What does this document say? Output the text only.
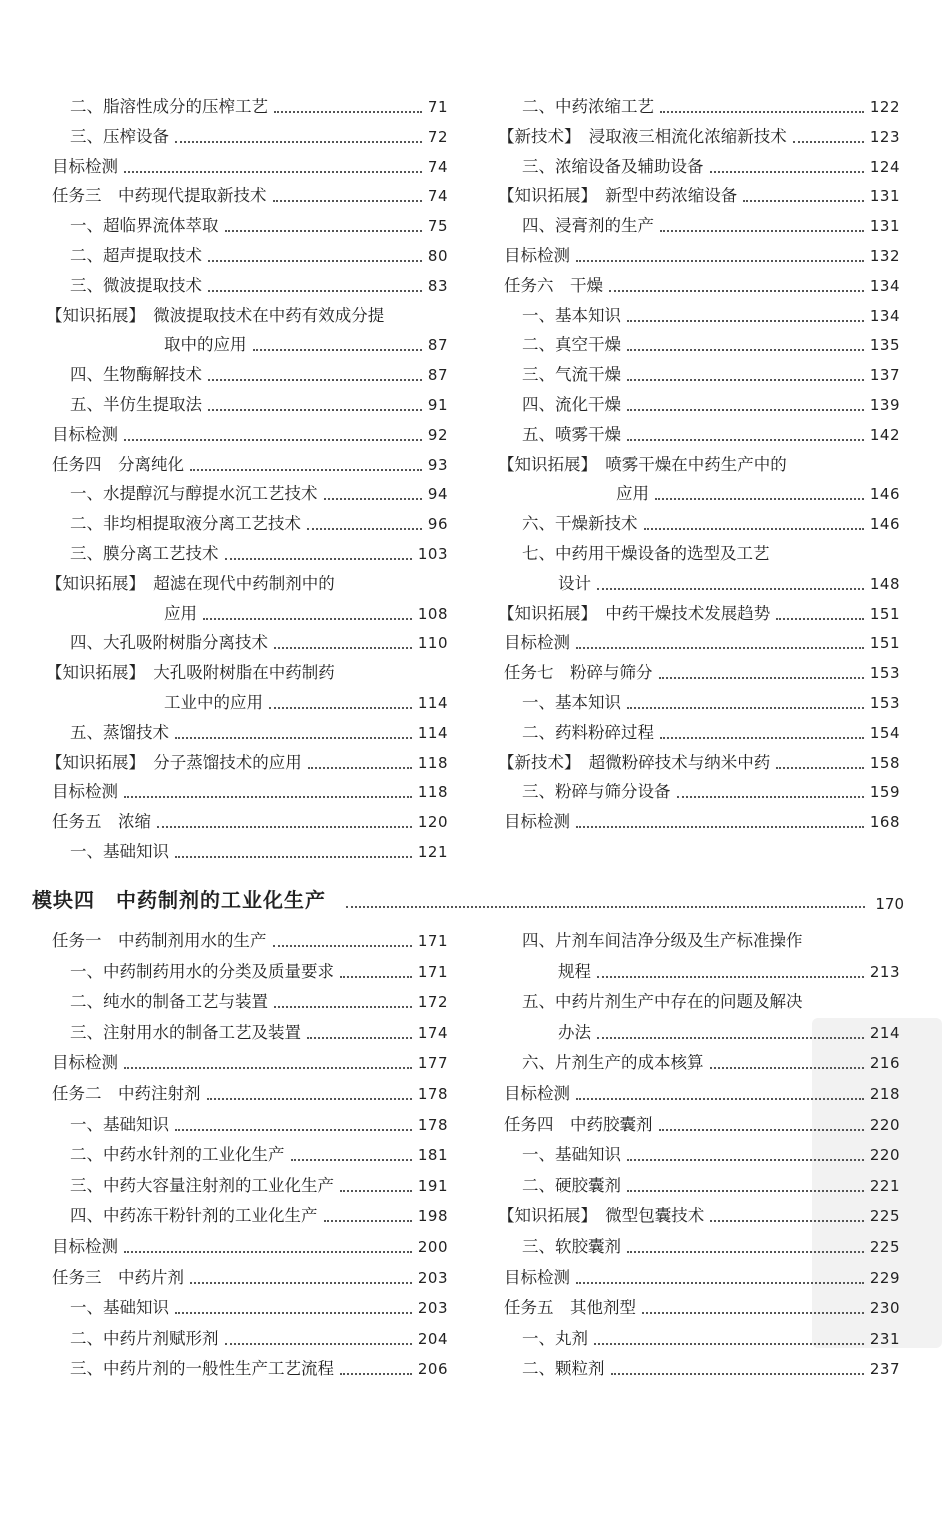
二、脂溶性成分的压榨工艺	71
三、压榨设备	72
目标检测	74
任务三　中药现代提取新技术	74
一、超临界流体萃取	75
二、超声提取技术	80
三、微波提取技术	83
【知识拓展】　微波提取技术在中药有效成分提
取中的应用	87
四、生物酶解技术	87
五、半仿生提取法	91
目标检测	92
任务四　分离纯化	93
一、水提醇沉与醇提水沉工艺技术	94
二、非均相提取液分离工艺技术	96
三、膜分离工艺技术	103
【知识拓展】　超滤在现代中药制剂中的
应用	108
四、大孔吸附树脂分离技术	110
【知识拓展】　大孔吸附树脂在中药制药
工业中的应用	114
五、蒸馏技术	114
【知识拓展】　分子蒸馏技术的应用	118
目标检测	118
任务五　浓缩	120
一、基础知识	121
二、中药浓缩工艺	122
【新技术】　浸取液三相流化浓缩新技术	123
三、浓缩设备及辅助设备	124
【知识拓展】　新型中药浓缩设备	131
四、浸膏剂的生产	131
目标检测	132
任务六　干燥	134
一、基本知识	134
二、真空干燥	135
三、气流干燥	137
四、流化干燥	139
五、喷雾干燥	142
【知识拓展】　喷雾干燥在中药生产中的
应用	146
六、干燥新技术	146
七、中药用干燥设备的选型及工艺
设计	148
【知识拓展】　中药干燥技术发展趋势	151
目标检测	151
任务七　粉碎与筛分	153
一、基本知识	153
二、药料粉碎过程	154
【新技术】　超微粉碎技术与纳米中药	158
三、粉碎与筛分设备	159
目标检测	168
模块四　中药制剂的工业化生产	170
任务一　中药制剂用水的生产	171
一、中药制药用水的分类及质量要求	171
二、纯水的制备工艺与装置	172
三、注射用水的制备工艺及装置	174
目标检测	177
任务二　中药注射剂	178
一、基础知识	178
二、中药水针剂的工业化生产	181
三、中药大容量注射剂的工业化生产	191
四、中药冻干粉针剂的工业化生产	198
目标检测	200
任务三　中药片剂	203
一、基础知识	203
二、中药片剂赋形剂	204
三、中药片剂的一般性生产工艺流程	206
四、片剂车间洁净分级及生产标准操作
规程	213
五、中药片剂生产中存在的问题及解决
办法	214
六、片剂生产的成本核算	216
目标检测	218
任务四　中药胶囊剂	220
一、基础知识	220
二、硬胶囊剂	221
【知识拓展】　微型包囊技术	225
三、软胶囊剂	225
目标检测	229
任务五　其他剂型	230
一、丸剂	231
二、颗粒剂	237
